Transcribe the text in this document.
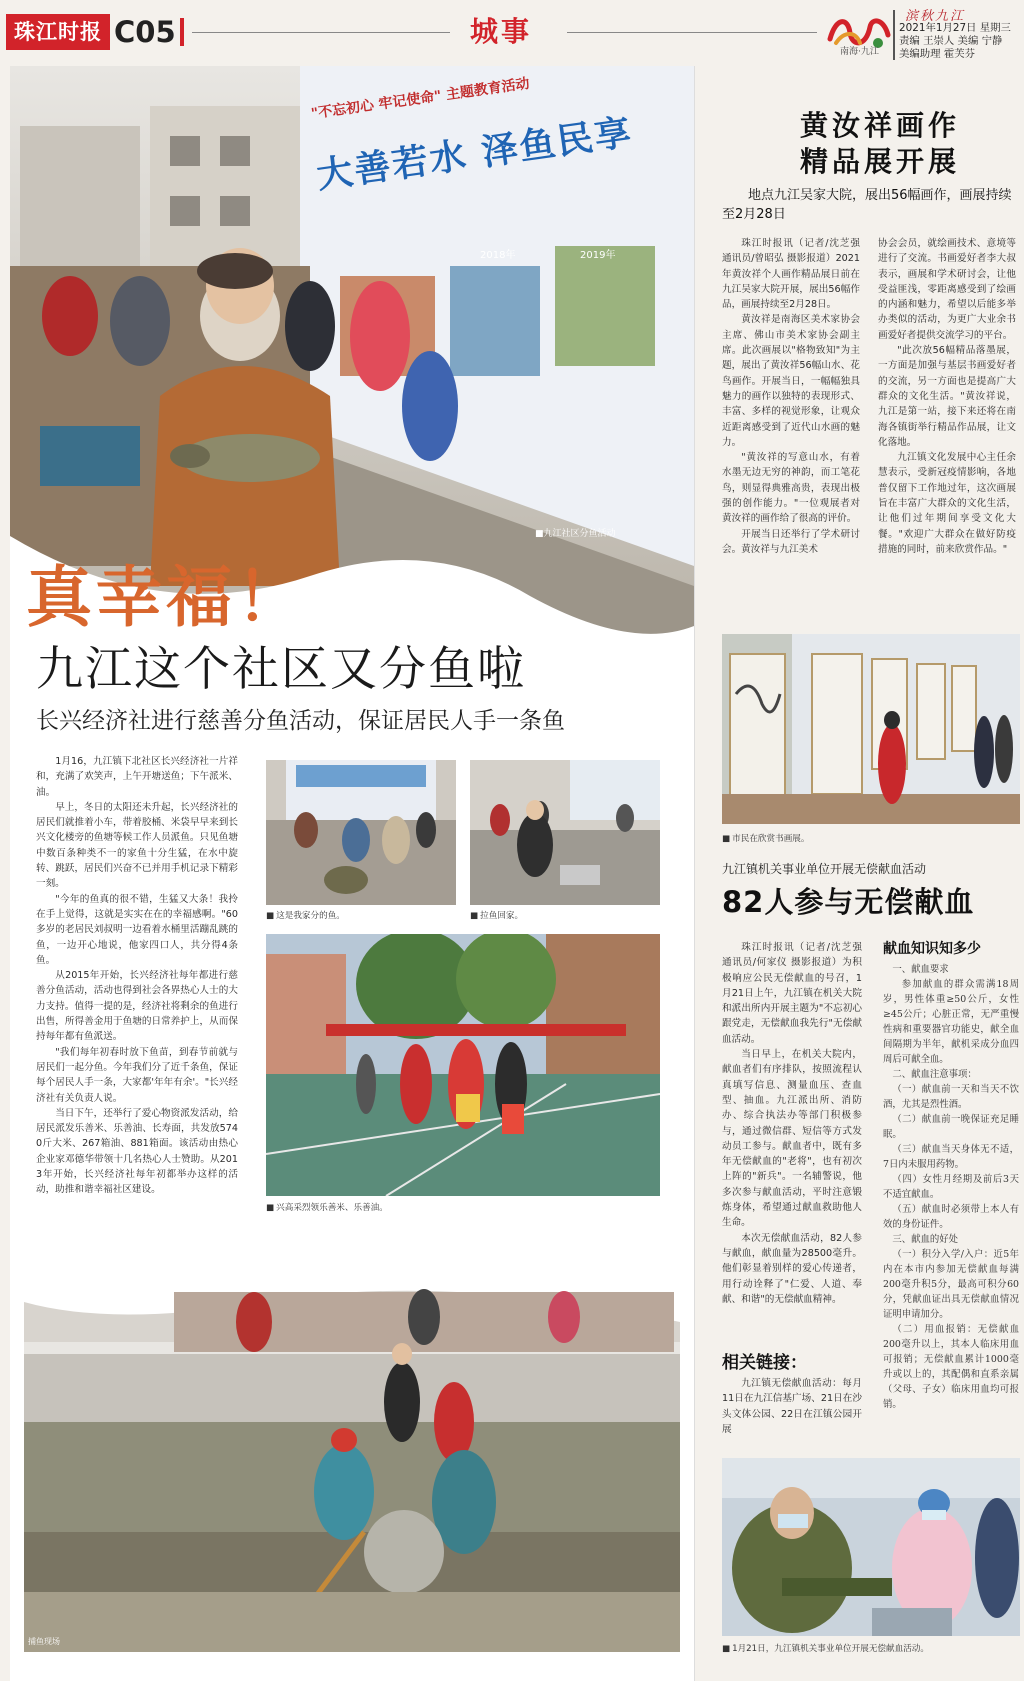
珠江时报 C05	城事
南海·九江
滨秋九江
2021年1月27日 星期三
责编 王崇人 美编 宁静
美编助理 霍芙芬
"不忘初心 牢记使命" 主题教育活动
大善若水 泽鱼民享
2018年	2019年
■九江社区分鱼活动
真幸福！
九江这个社区又分鱼啦
长兴经济社进行慈善分鱼活动，保证居民人手一条鱼

1月16，九江镇下北社区长兴经济社一片祥和，充满了欢笑声，上午开塘送鱼；下午派米、油。

早上，冬日的太阳还未升起，长兴经济社的居民们就推着小车，带着胶桶、米袋早早来到长兴文化楼旁的鱼塘等候工作人员派鱼。只见鱼塘中数百条种类不一的家鱼十分生猛，在水中旋转、跳跃，居民们兴奋不已并用手机记录下精彩一刻。

"今年的鱼真的很不错，生猛又大条！我拎在手上觉得，这就是实实在在的幸福感啊。"60多岁的老居民刘叔明一边看着水桶里活蹦乱跳的鱼，一边开心地说，他家四口人，共分得4条鱼。

从2015年开始，长兴经济社每年都进行慈善分鱼活动，活动也得到社会各界热心人士的大力支持。值得一提的是，经济社将剩余的鱼进行出售，所得善金用于鱼塘的日常养护上，从而保持每年都有鱼派送。

"我们每年初春时放下鱼苗，到春节前就与居民们一起分鱼。今年我们分了近千条鱼，保证每个居民人手一条，大家都'年年有余'。"长兴经济社有关负责人说。

当日下午，还举行了爱心物资派发活动，给居民派发乐善米、乐善油、长寿面，共发放5740斤大米、267箱油、881箱面。该活动由热心企业家邓德华带领十几名热心人士赞助。从2013年开始，长兴经济社每年初都举办这样的活动，助推和谐幸福社区建设。

■ 这是我家分的鱼。
■	拉鱼回家。
■ 兴高采烈领乐善米、乐善油。
捕鱼现场
黄汝祥画作
精品展开展
地点九江吴家大院，展出56幅画作，画展持续至2月28日

珠江时报讯（记者/沈芝强 通讯员/曾昭弘 摄影报道）2021年黄汝祥个人画作精品展日前在九江吴家大院开展，展出56幅作品，画展持续至2月28日。

黄汝祥是南海区美术家协会主席、佛山市美术家协会副主席。此次画展以"格物致知"为主题，展出了黄汝祥56幅山水、花鸟画作。开展当日，一幅幅独具魅力的画作以独特的表现形式、丰富、多样的视觉形象，让观众近距离感受到了近代山水画的魅力。

"黄汝祥的写意山水，有着水墨无边无穷的神韵，而工笔花鸟，则显得典雅高贵，表现出极强的创作能力。"一位观展者对黄汝祥的画作给了很高的评价。

开展当日还举行了学术研讨会。黄汝祥与九江美术

协会会员，就绘画技术、意境等进行了交流。书画爱好者李大叔表示，画展和学术研讨会，让他受益匪浅，零距离感受到了绘画的内涵和魅力，希望以后能多举办类似的活动，为更广大业余书画爱好者提供交流学习的平台。

"此次放56幅精品落墨展，一方面是加强与基层书画爱好者的交流，另一方面也是提高广大群众的文化生活。"黄汝祥说，九江是第一站，接下来还将在南海各镇街举行精品作品展，让文化落地。

九江镇文化发展中心主任余慧表示，受新冠疫情影响，各地普仅留下工作地过年，这次画展旨在丰富广大群众的文化生活，让他们过年期间享受文化大餐。"欢迎广大群众在做好防疫措施的同时，前来欣赏作品。"

■ 市民在欣赏书画展。
九江镇机关事业单位开展无偿献血活动
82人参与无偿献血

珠江时报讯（记者/沈芝强 通讯员/何家仪 摄影报道）为积极响应公民无偿献血的号召，1月21日上午，九江镇在机关大院和派出所内开展主题为"不忘初心跟党走，无偿献血我先行"无偿献血活动。

当日早上，在机关大院内，献血者们有序排队，按照流程认真填写信息、测量血压、查血型、抽血。九江派出所、消防办、综合执法办等部门积极参与，通过微信群、短信等方式发动员工参与。献血者中，既有多年无偿献血的"老将"，也有初次上阵的"新兵"。一名辅警说，他多次参与献血活动，平时注意锻炼身体，希望通过献血救助他人生命。

本次无偿献血活动，82人参与献血，献血量为28500毫升。他们彰显着别样的爱心传递者，用行动诠释了"仁爱、人道、奉献、和谐"的无偿献血精神。

相关链接：

九江镇无偿献血活动：每月11日在九江信基广场、21日在沙头文体公园、22日在江镇公园开展

献血知识知多少
一、献血要求
参加献血的群众需满18周岁，男性体重≥50公斤，女性≥45公斤；心脏正常，无严重慢性病和重要器官功能史，献全血间隔期为半年，献机采成分血四周后可献全血。
二、献血注意事项：
（一）献血前一天和当天不饮酒，尤其是烈性酒。
（二）献血前一晚保证充足睡眠。
（三）献血当天身体无不适，7日内未服用药物。
（四）女性月经期及前后3天不适宜献血。
（五）献血时必须带上本人有效的身份证件。
三、献血的好处
（一）积分入学/入户：近5年内在本市内参加无偿献血每满200毫升积5分，最高可积分60分，凭献血证出具无偿献血情况证明申请加分。
（二）用血报销：无偿献血200毫升以上，其本人临床用血可报销；无偿献血累计1000毫升或以上的，其配偶和直系亲属（父母、子女）临床用血均可报销。
■ 1月21日，九江镇机关事业单位开展无偿献血活动。
